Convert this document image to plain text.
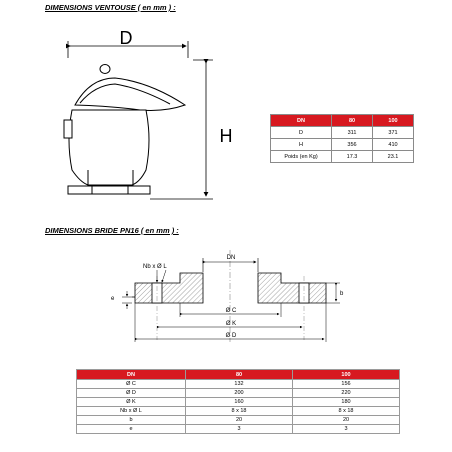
DIMENSIONS VENTOUSE ( en mm ) :
D
H
DN	80	100
D	311	371
H	356	410
Poids (en Kg)	17.3	23.1
DIMENSIONS BRIDE PN16 ( en mm ) :
DN
Nb x Ø L
b
e
Ø C
Ø K
Ø D
DN	80	100
Ø C	132	156
Ø D	200	220
Ø K	160	180
Nb x Ø L	8 x 18	8 x 18
b	20	20
e	3	3
